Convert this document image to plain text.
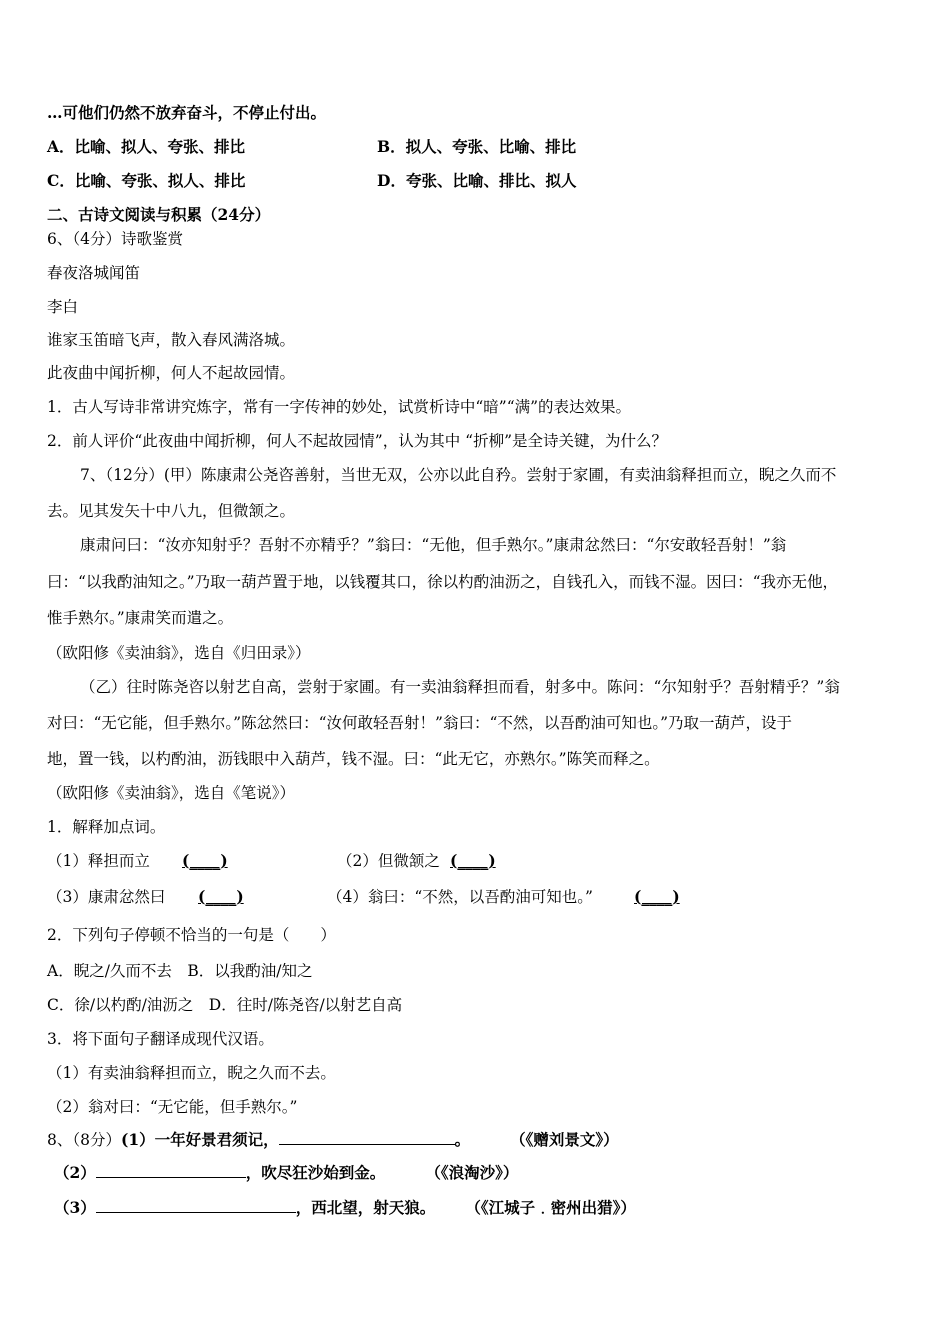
…可他们仍然不放弃奋斗，不停止付出。
A．比喻、拟人、夸张、排比	B．拟人、夸张、比喻、排比
C．比喻、夸张、拟人、排比	D．夸张、比喻、排比、拟人
二、古诗文阅读与积累（24分）
6、（4分）诗歌鉴赏
春夜洛城闻笛
李白
谁家玉笛暗飞声，散入春风满洛城。
此夜曲中闻折柳，何人不起故园情。
1．古人写诗非常讲究炼字，常有一字传神的妙处，试赏析诗中“暗”“满”的表达效果。
2．前人评价“此夜曲中闻折柳，何人不起故园情”，认为其中 “折柳”是全诗关键，为什么？
7、（12分）(甲）陈康肃公尧咨善射，当世无双，公亦以此自矜。尝射于家圃，有卖油翁释担而立，睨之久而不
去。见其发矢十中八九，但微颔之。
康肃问曰：“汝亦知射乎？吾射不亦精乎？”翁曰：“无他，但手熟尔。”康肃忿然曰：“尔安敢轻吾射！”翁
曰：“以我酌油知之。”乃取一葫芦置于地，以钱覆其口，徐以杓酌油沥之，自钱孔入，而钱不湿。因曰：“我亦无他，
惟手熟尔。”康肃笑而遣之。
（欧阳修《卖油翁》，选自《归田录》）
（乙）往时陈尧咨以射艺自高，尝射于家圃。有一卖油翁释担而看，射多中。陈问：“尔知射乎？吾射精乎？”翁
对曰：“无它能，但手熟尔。”陈忿然曰：“汝何敢轻吾射！”翁曰：“不然，以吾酌油可知也。”乃取一葫芦，设于
地，置一钱，以杓酌油，沥钱眼中入葫芦，钱不湿。曰：“此无它，亦熟尔。”陈笑而释之。
（欧阳修《卖油翁》，选自《笔说》）
1．解释加点词。
（1）释担而立 (____)	（2）但微颔之 (____)
（3）康肃忿然曰 (____)	（4）翁曰：“不然，以吾酌油可知也。”	(____)
2．下列句子停顿不恰当的一句是（　　）
A．睨之/久而不去　B．以我酌油/知之
C．徐/以杓酌/油沥之　D．往时/陈尧咨/以射艺自高
3．将下面句子翻译成现代汉语。
（1）有卖油翁释担而立，睨之久而不去。
（2）翁对曰：“无它能，但手熟尔。”
8、（8分）(1）一年好景君须记，	。	（《赠刘景文》）
（2）	，吹尽狂沙始到金。	（《浪淘沙》）
（3）	，西北望，射天狼。 （《江城子﹒密州出猎》）
